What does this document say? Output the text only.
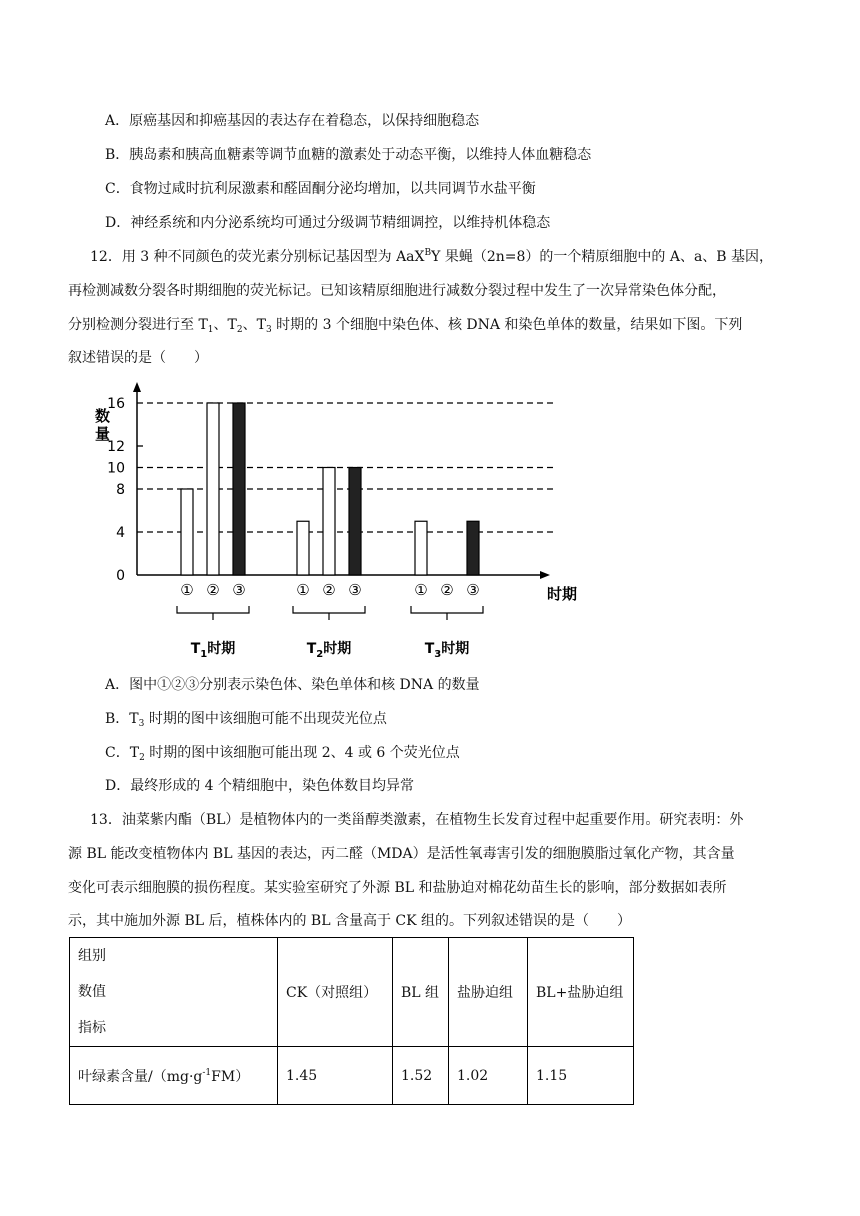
A．原癌基因和抑癌基因的表达存在着稳态，以保持细胞稳态
B．胰岛素和胰高血糖素等调节血糖的激素处于动态平衡，以维持人体血糖稳态
C．食物过咸时抗利尿激素和醛固酮分泌均增加，以共同调节水盐平衡
D．神经系统和内分泌系统均可通过分级调节精细调控，以维持机体稳态
12．用 3 种不同颜色的荧光素分别标记基因型为 AaX$^B$Y 果蝇（2n=8）的一个精原细胞中的 A、a、B 基因，
再检测减数分裂各时期细胞的荧光标记。已知该精原细胞进行减数分裂过程中发生了一次异常染色体分配，
分别检测分裂进行至 $T_1$、$T_2$、$T_3$ 时期的 3 个细胞中染色体、核 DNA 和染色单体的数量，结果如下图。下列
叙述错误的是（　　）
0
4
8
10
12
16
数
量
时期
① ② ③
$T_1$时期
① ② ③
$T_2$时期
① ② ③
$T_3$时期
A．图中①②③分别表示染色体、染色单体和核 DNA 的数量
B．$T_3$ 时期的图中该细胞可能不出现荧光位点
C．$T_2$ 时期的图中该细胞可能出现 2、4 或 6 个荧光位点
D．最终形成的 4 个精细胞中，染色体数目均异常
13．油菜紫内酯（BL）是植物体内的一类甾醇类激素，在植物生长发育过程中起重要作用。研究表明：外
源 BL 能改变植物体内 BL 基因的表达，丙二醛（MDA）是活性氧毒害引发的细胞膜脂过氧化产物，其含量
变化可表示细胞膜的损伤程度。某实验室研究了外源 BL 和盐胁迫对棉花幼苗生长的影响，部分数据如表所
示，其中施加外源 BL 后，植株体内的 BL 含量高于 CK 组的。下列叙述错误的是（　　）
组别
数值
指标	CK（对照组）	BL 组	盐胁迫组	BL+盐胁迫组
叶绿素含量$/(mg\cdot g^{-1}FM)$	1.45	1.52	1.02	1.15
